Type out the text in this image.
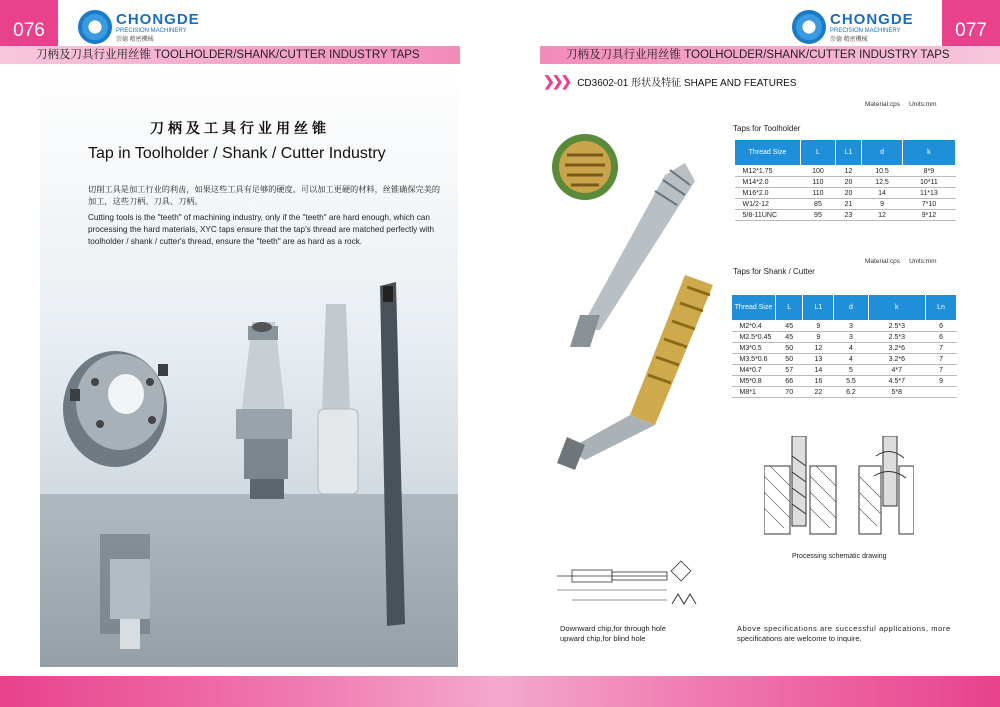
076
CHONGDE
PRECISION MACHINERY
崇德 精密機械
刀柄及刀具行业用丝锥 TOOLHOLDER/SHANK/CUTTER INDUSTRY TAPS
刀柄及工具行业用丝锥
Tap in Toolholder / Shank / Cutter Industry
切削工具是加工行业的利齿，如果这些工具有足够的硬度，可以加工更硬的材料，丝锥确保完美的加工，这些刀柄、刀具、刀柄。
Cutting tools is the "teeth" of machining industry, only if the "teeth" are hard enough, which can processing the hard materials, XYC taps ensure that the tap's thread are matched perfectly with toolholder / shank / cutter's thread, ensure the "teeth" are as hard as a rock.
077
CHONGDE
PRECISION MACHINERY
崇德 精密機械
刀柄及刀具行业用丝锥 TOOLHOLDER/SHANK/CUTTER INDUSTRY TAPS
❯❯❯ CD3602-01 形状及特征 SHAPE AND FEATURES
Material:cps     Units:mm
Taps for Toolholder
Thread Size	L	L1	d	k
M12*1.75	100	12	10.5	8*9
M14*2.0	110	20	12.5	10*11
M16*2.0	110	20	14	11*13
W1/2-12	85	21	9	7*10
5/8-11UNC	95	23	12	9*12
Material:cps     Units:mm
Taps for Shank / Cutter
Thread Size	L	L1	d	k	Ln
M2*0.4	45	9	3	2.5*3	6
M2.5*0.45	45	9	3	2.5*3	6
M3*0.5	50	12	4	3.2*6	7
M3.5*0.6	50	13	4	3.2*6	7
M4*0.7	57	14	5	4*7	7
M5*0.8	66	16	5.5	4.5*7	9
M8*1	70	22	6.2	5*8	
Processing schematic drawing
Downward chip,for through hole
upward chip,for blind hole
Above specifications are successful applications, more
specifications are welcome to inquire.
